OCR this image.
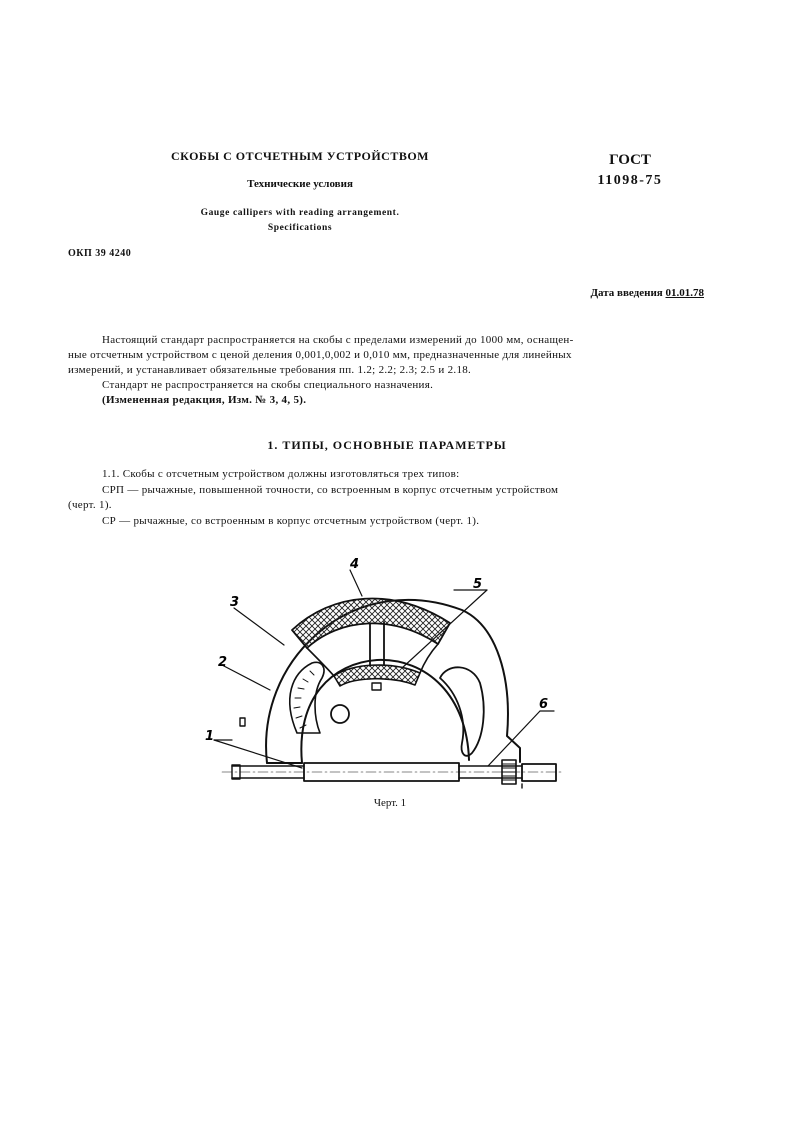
СКОБЫ С ОТСЧЕТНЫМ УСТРОЙСТВОМ
Технические условия
Gauge callipers with reading arrangement.
Specifications
ГОСТ
11098-75
ОКП 39 4240
Дата введения 01.01.78
Настоящий стандарт распространяется на скобы с пределами измерений до 1000 мм, оснащен-
ные отсчетным устройством с ценой деления 0,001,0,002 и 0,010 мм, предназначенные для линейных
измерений, и устанавливает обязательные требования пп. 1.2; 2.2; 2.3; 2.5 и 2.18.
Стандарт не распространяется на скобы специального назначения.
(Измененная редакция, Изм. № 3, 4, 5).
1. ТИПЫ, ОСНОВНЫЕ ПАРАМЕТРЫ
1.1. Скобы с отсчетным устройством должны изготовляться трех типов:
СРП — рычажные, повышенной точности, со встроенным в корпус отсчетным устройством
(черт. 1).
СР — рычажные, со встроенным в корпус отсчетным устройством (черт. 1).
1
2
3
4
5
6
Черт. 1
